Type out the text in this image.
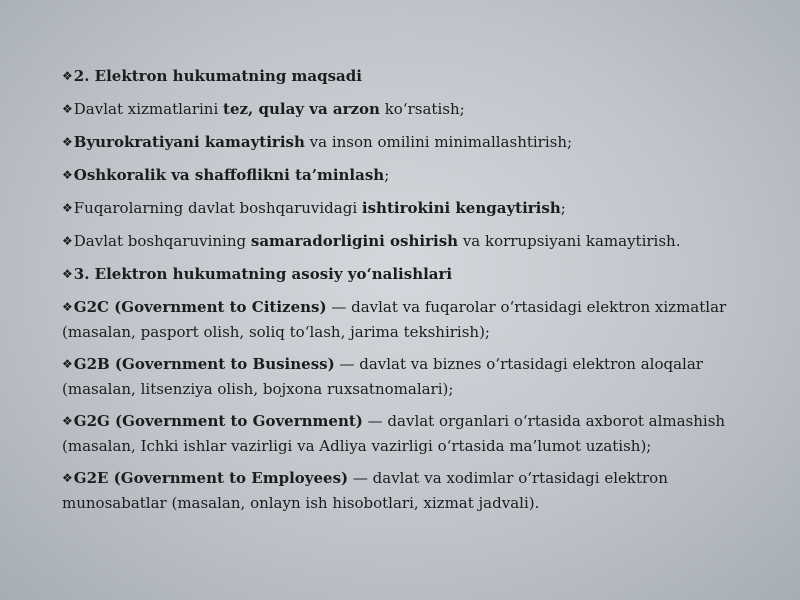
❖2. Elektron hukumatning maqsadi
❖Davlat xizmatlarini tez, qulay va arzon ko‘rsatish;
❖Byurokratiyani kamaytirish va inson omilini minimallashtirish;
❖Oshkoralik va shaffoflikni ta’minlash;
❖Fuqarolarning davlat boshqaruvidagi ishtirokini kengaytirish;
❖Davlat boshqaruvining samaradorligini oshirish va korrupsiyani kamaytirish.
❖3. Elektron hukumatning asosiy yo‘nalishlari
❖G2C (Government to Citizens) — davlat va fuqarolar o‘rtasidagi elektron xizmatlar (masalan, pasport olish, soliq to‘lash, jarima tekshirish);
❖G2B (Government to Business) — davlat va biznes o‘rtasidagi elektron aloqalar (masalan, litsenziya olish, bojxona ruxsatnomalari);
❖G2G (Government to Government) — davlat organlari o‘rtasida axborot almashish (masalan, Ichki ishlar vazirligi va Adliya vazirligi o‘rtasida ma’lumot uzatish);
❖G2E (Government to Employees) — davlat va xodimlar o‘rtasidagi elektron munosabatlar (masalan, onlayn ish hisobotlari, xizmat jadvali).
